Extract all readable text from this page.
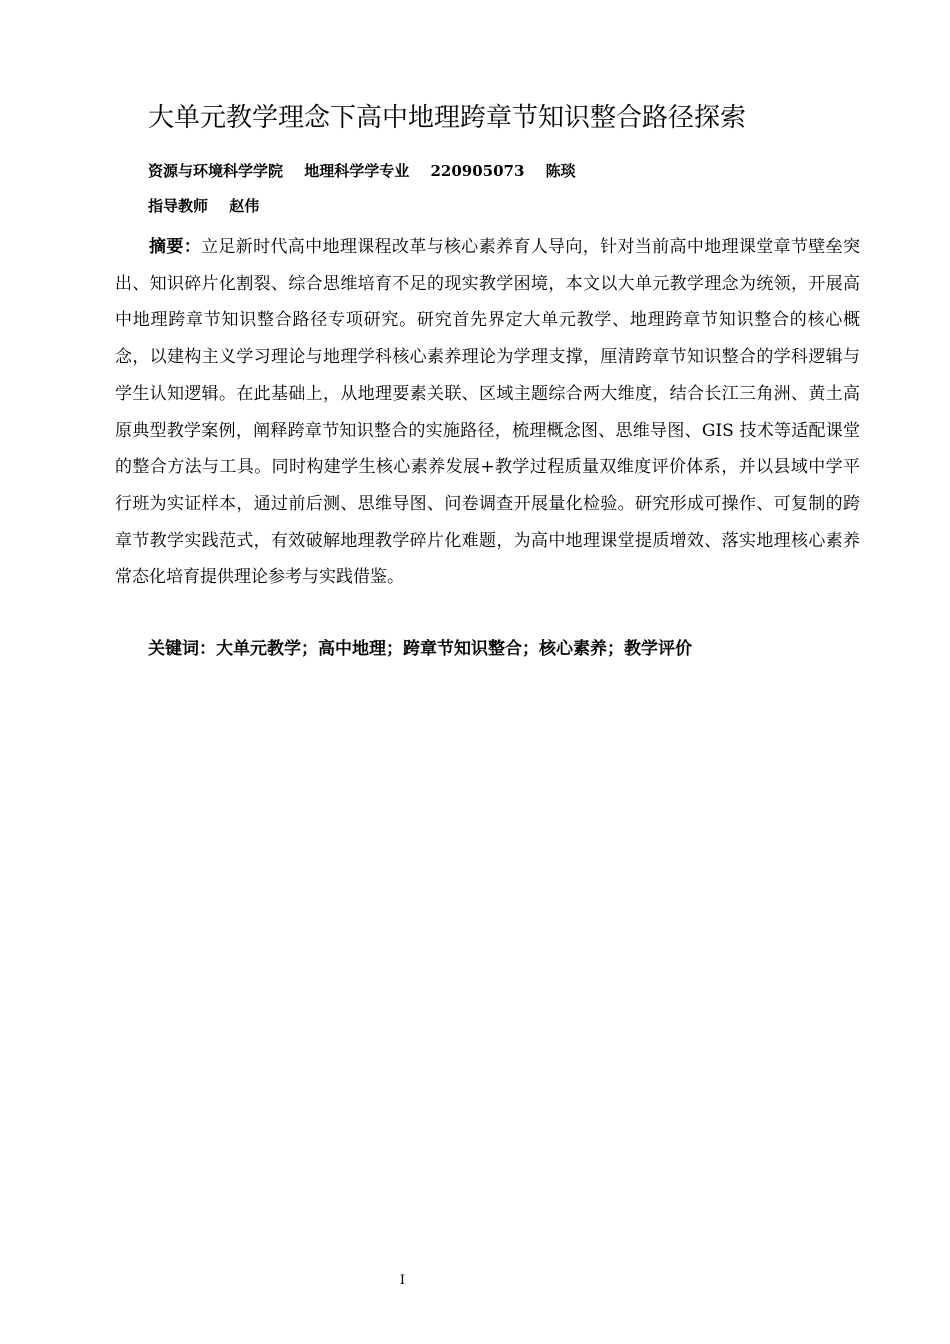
大单元教学理念下高中地理跨章节知识整合路径探索
资源与环境科学学院 地理科学学专业 220905073 陈琰
指导教师 赵伟

摘要：立足新时代高中地理课程改革与核心素养育人导向，针对当前高中地理课堂章节壁垒突出、知识碎片化割裂、综合思维培育不足的现实教学困境，本文以大单元教学理念为统领，开展高中地理跨章节知识整合路径专项研究。研究首先界定大单元教学、地理跨章节知识整合的核心概念，以建构主义学习理论与地理学科核心素养理论为学理支撑，厘清跨章节知识整合的学科逻辑与学生认知逻辑。在此基础上，从地理要素关联、区域主题综合两大维度，结合长江三角洲、黄土高原典型教学案例，阐释跨章节知识整合的实施路径，梳理概念图、思维导图、GIS 技术等适配课堂的整合方法与工具。同时构建学生核心素养发展+教学过程质量双维度评价体系，并以县域中学平行班为实证样本，通过前后测、思维导图、问卷调查开展量化检验。研究形成可操作、可复制的跨章节教学实践范式，有效破解地理教学碎片化难题，为高中地理课堂提质增效、落实地理核心素养常态化培育提供理论参考与实践借鉴。

关键词：大单元教学；高中地理；跨章节知识整合；核心素养；教学评价
I
